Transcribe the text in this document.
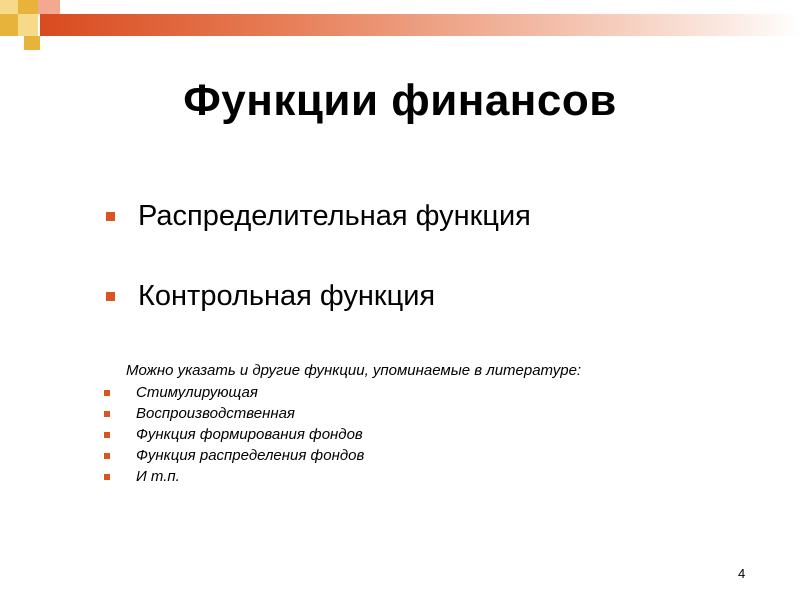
Функции финансов
Распределительная функция
Контрольная функция
Можно указать и другие функции, упоминаемые в литературе:
Стимулирующая
Воспроизводственная
Функция формирования фондов
Функция распределения фондов
И т.п.
4
